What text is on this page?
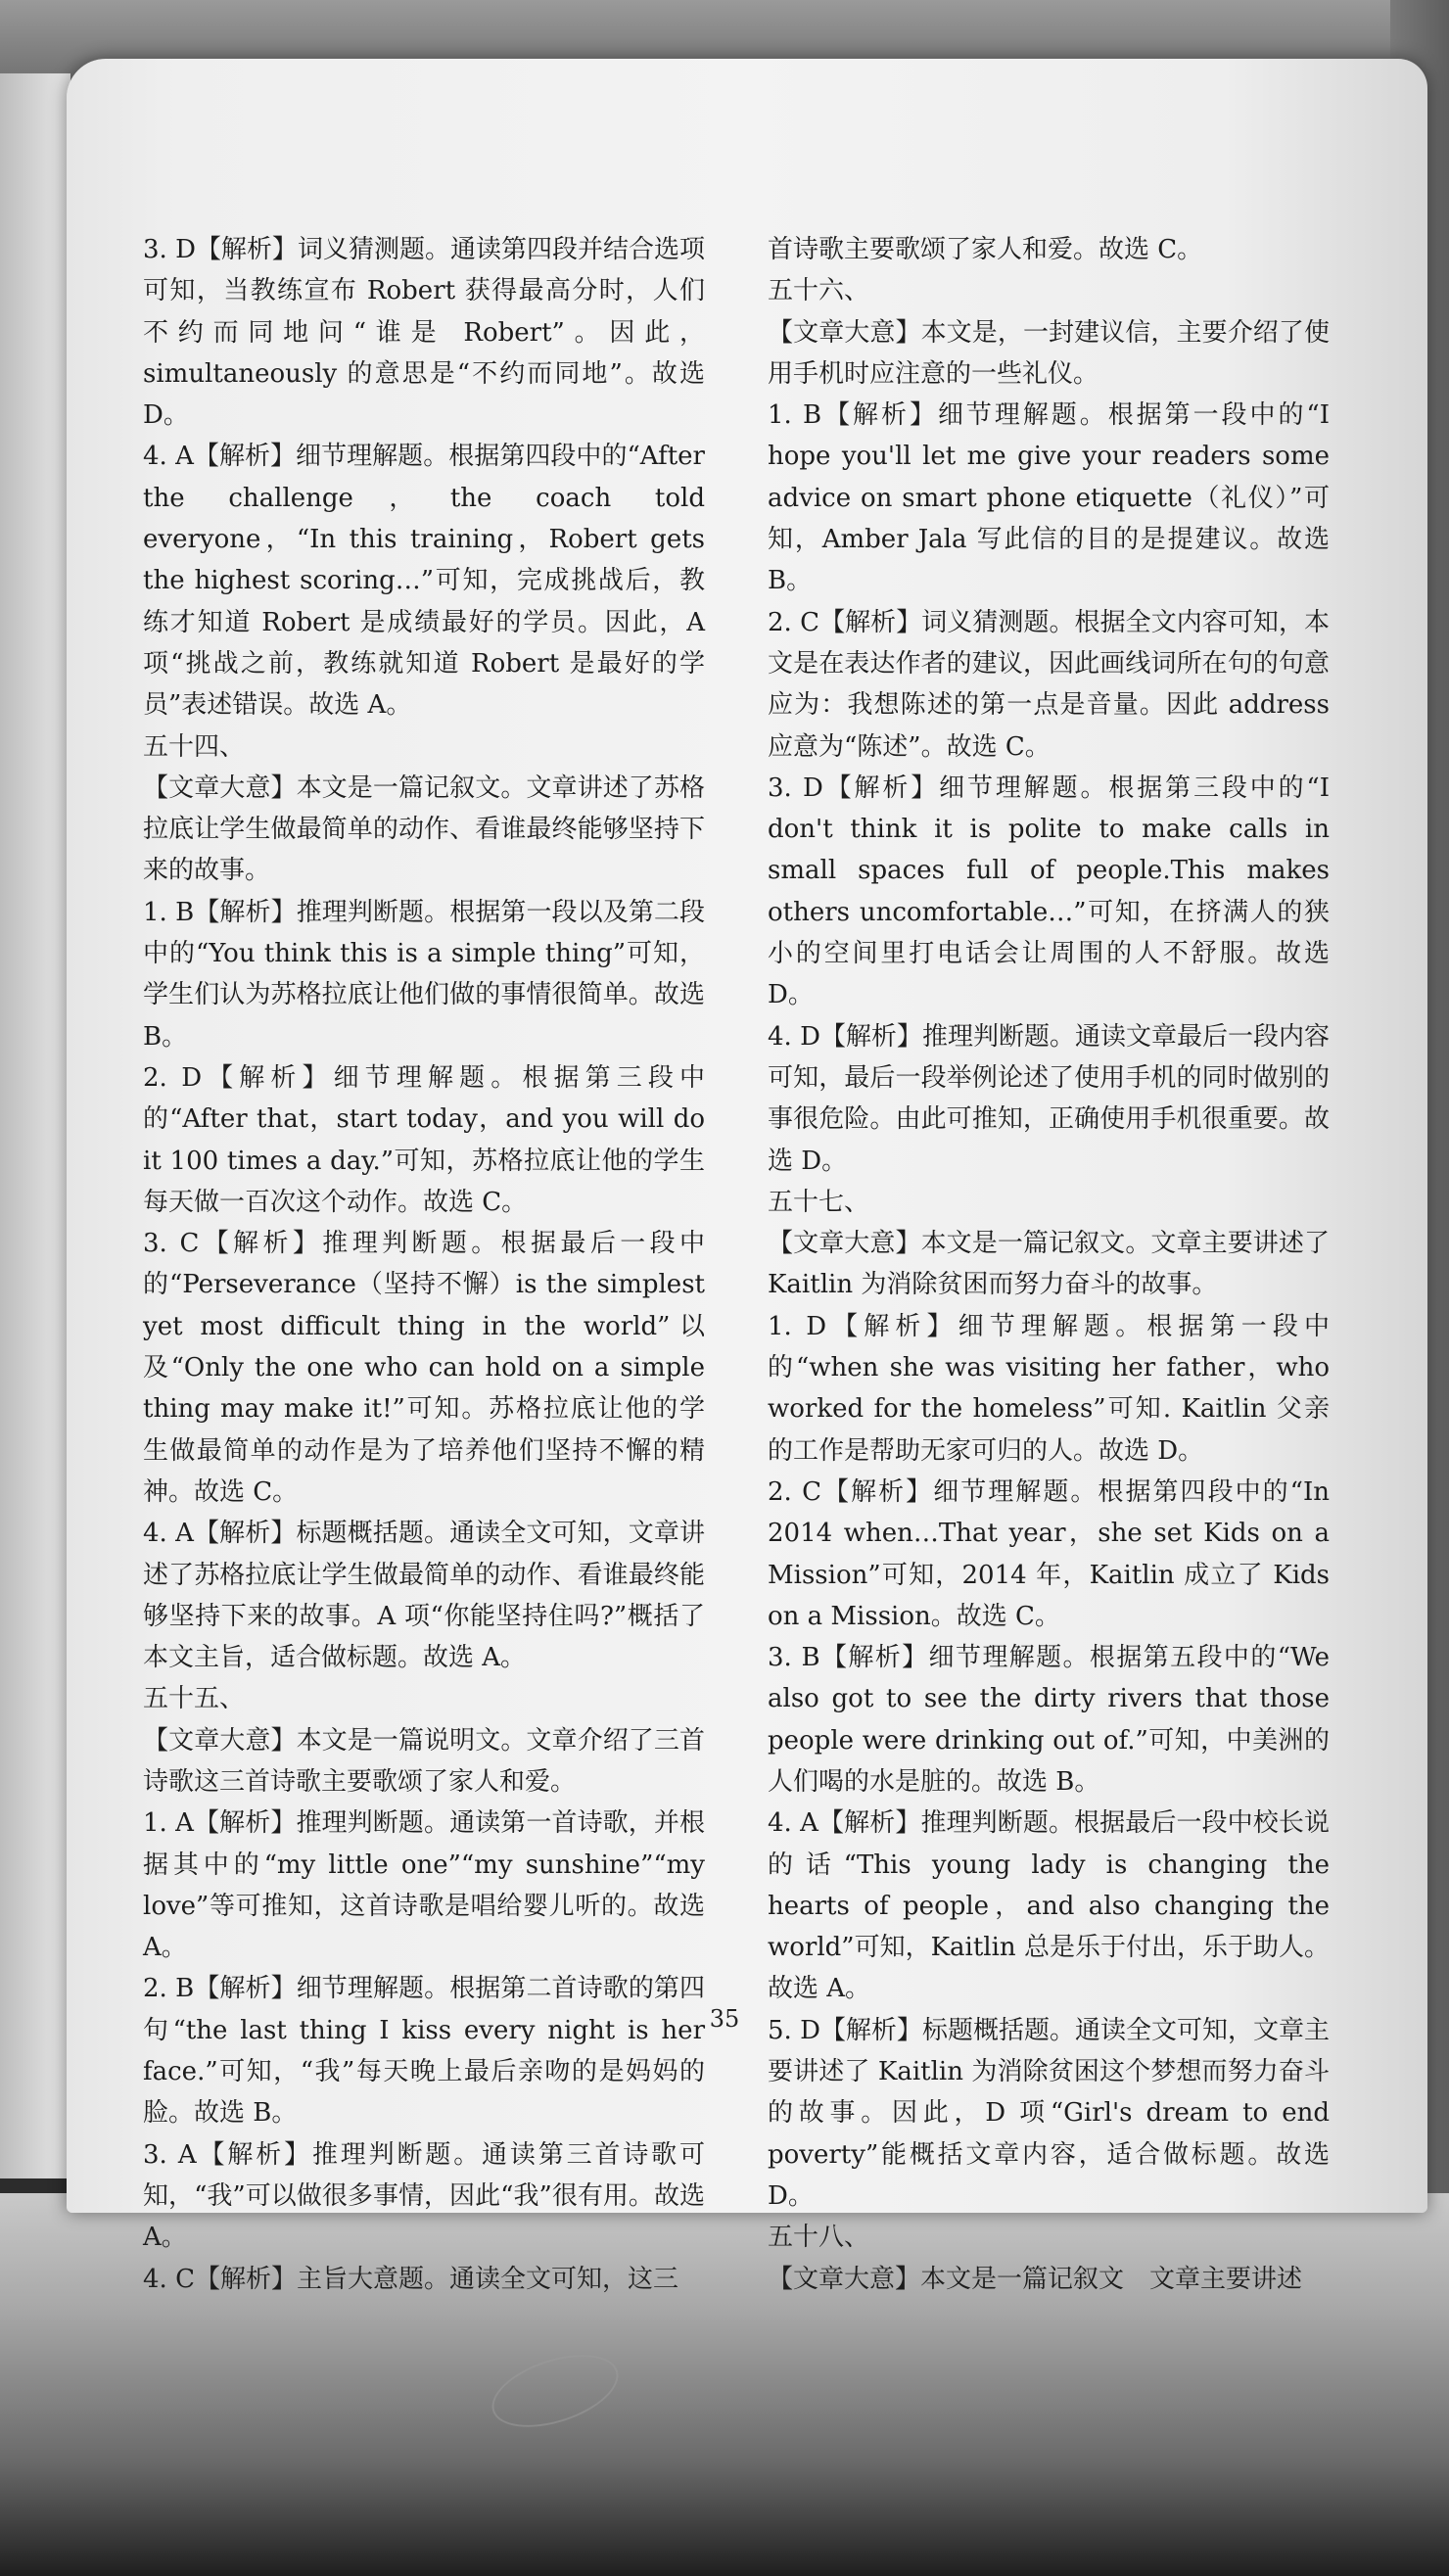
3. D【解析】词义猜测题。通读第四段并结合选项可知，当教练宣布 Robert 获得最高分时，人们不约而同地问“谁是 Robert”。因此，simultaneously 的意思是“不约而同地”。故选 D。

4. A【解析】细节理解题。根据第四段中的“After the challenge，the coach told everyone，“In this training，Robert gets the highest scoring…”可知，完成挑战后，教练才知道 Robert 是成绩最好的学员。因此，A 项“挑战之前，教练就知道 Robert 是最好的学员”表述错误。故选 A。

五十四、

【文章大意】本文是一篇记叙文。文章讲述了苏格拉底让学生做最简单的动作、看谁最终能够坚持下来的故事。

1. B【解析】推理判断题。根据第一段以及第二段中的“You think this is a simple thing”可知，学生们认为苏格拉底让他们做的事情很简单。故选 B。

2. D【解析】细节理解题。根据第三段中的“After that，start today，and you will do it 100 times a day.”可知，苏格拉底让他的学生每天做一百次这个动作。故选 C。

3. C【解析】推理判断题。根据最后一段中的“Perseverance（坚持不懈）is the simplest yet most difficult thing in the world”以及“Only the one who can hold on a simple thing may make it!”可知。苏格拉底让他的学生做最简单的动作是为了培养他们坚持不懈的精神。故选 C。

4. A【解析】标题概括题。通读全文可知，文章讲述了苏格拉底让学生做最简单的动作、看谁最终能够坚持下来的故事。A 项“你能坚持住吗?”概括了本文主旨，适合做标题。故选 A。

五十五、

【文章大意】本文是一篇说明文。文章介绍了三首诗歌这三首诗歌主要歌颂了家人和爱。

1. A【解析】推理判断题。通读第一首诗歌，并根据其中的“my little one”“my sunshine”“my love”等可推知，这首诗歌是唱给婴儿听的。故选 A。

2. B【解析】细节理解题。根据第二首诗歌的第四句“the last thing I kiss every night is her face.”可知，“我”每天晚上最后亲吻的是妈妈的脸。故选 B。

3. A【解析】推理判断题。通读第三首诗歌可知，“我”可以做很多事情，因此“我”很有用。故选 A。

4. C【解析】主旨大意题。通读全文可知，这三

首诗歌主要歌颂了家人和爱。故选 C。

五十六、

【文章大意】本文是，一封建议信，主要介绍了使用手机时应注意的一些礼仪。

1. B【解析】细节理解题。根据第一段中的“I hope you'll let me give your readers some advice on smart phone etiquette（礼仪）”可知，Amber Jala 写此信的目的是提建议。故选 B。

2. C【解析】词义猜测题。根据全文内容可知，本文是在表达作者的建议，因此画线词所在句的句意应为：我想陈述的第一点是音量。因此 address 应意为“陈述”。故选 C。

3. D【解析】细节理解题。根据第三段中的“I don't think it is polite to make calls in small spaces full of people.This makes others uncomfortable…”可知，在挤满人的狭小的空间里打电话会让周围的人不舒服。故选 D。

4. D【解析】推理判断题。通读文章最后一段内容可知，最后一段举例论述了使用手机的同时做别的事很危险。由此可推知，正确使用手机很重要。故选 D。

五十七、

【文章大意】本文是一篇记叙文。文章主要讲述了 Kaitlin 为消除贫困而努力奋斗的故事。

1. D【解析】细节理解题。根据第一段中的“when she was visiting her father，who worked for the homeless”可知. Kaitlin 父亲的工作是帮助无家可归的人。故选 D。

2. C【解析】细节理解题。根据第四段中的“In 2014 when…That year，she set Kids on a Mission”可知，2014 年，Kaitlin 成立了 Kids on a Mission。故选 C。

3. B【解析】细节理解题。根据第五段中的“We also got to see the dirty rivers that those people were drinking out of.”可知，中美洲的人们喝的水是脏的。故选 B。

4. A【解析】推理判断题。根据最后一段中校长说的话“This young lady is changing the hearts of people，and also changing the world”可知，Kaitlin 总是乐于付出，乐于助人。故选 A。

5. D【解析】标题概括题。通读全文可知，文章主要讲述了 Kaitlin 为消除贫困这个梦想而努力奋斗的故事。因此，D 项“Girl's dream to end poverty”能概括文章内容，适合做标题。故选 D。

五十八、

【文章大意】本文是一篇记叙文　文章主要讲述

35
